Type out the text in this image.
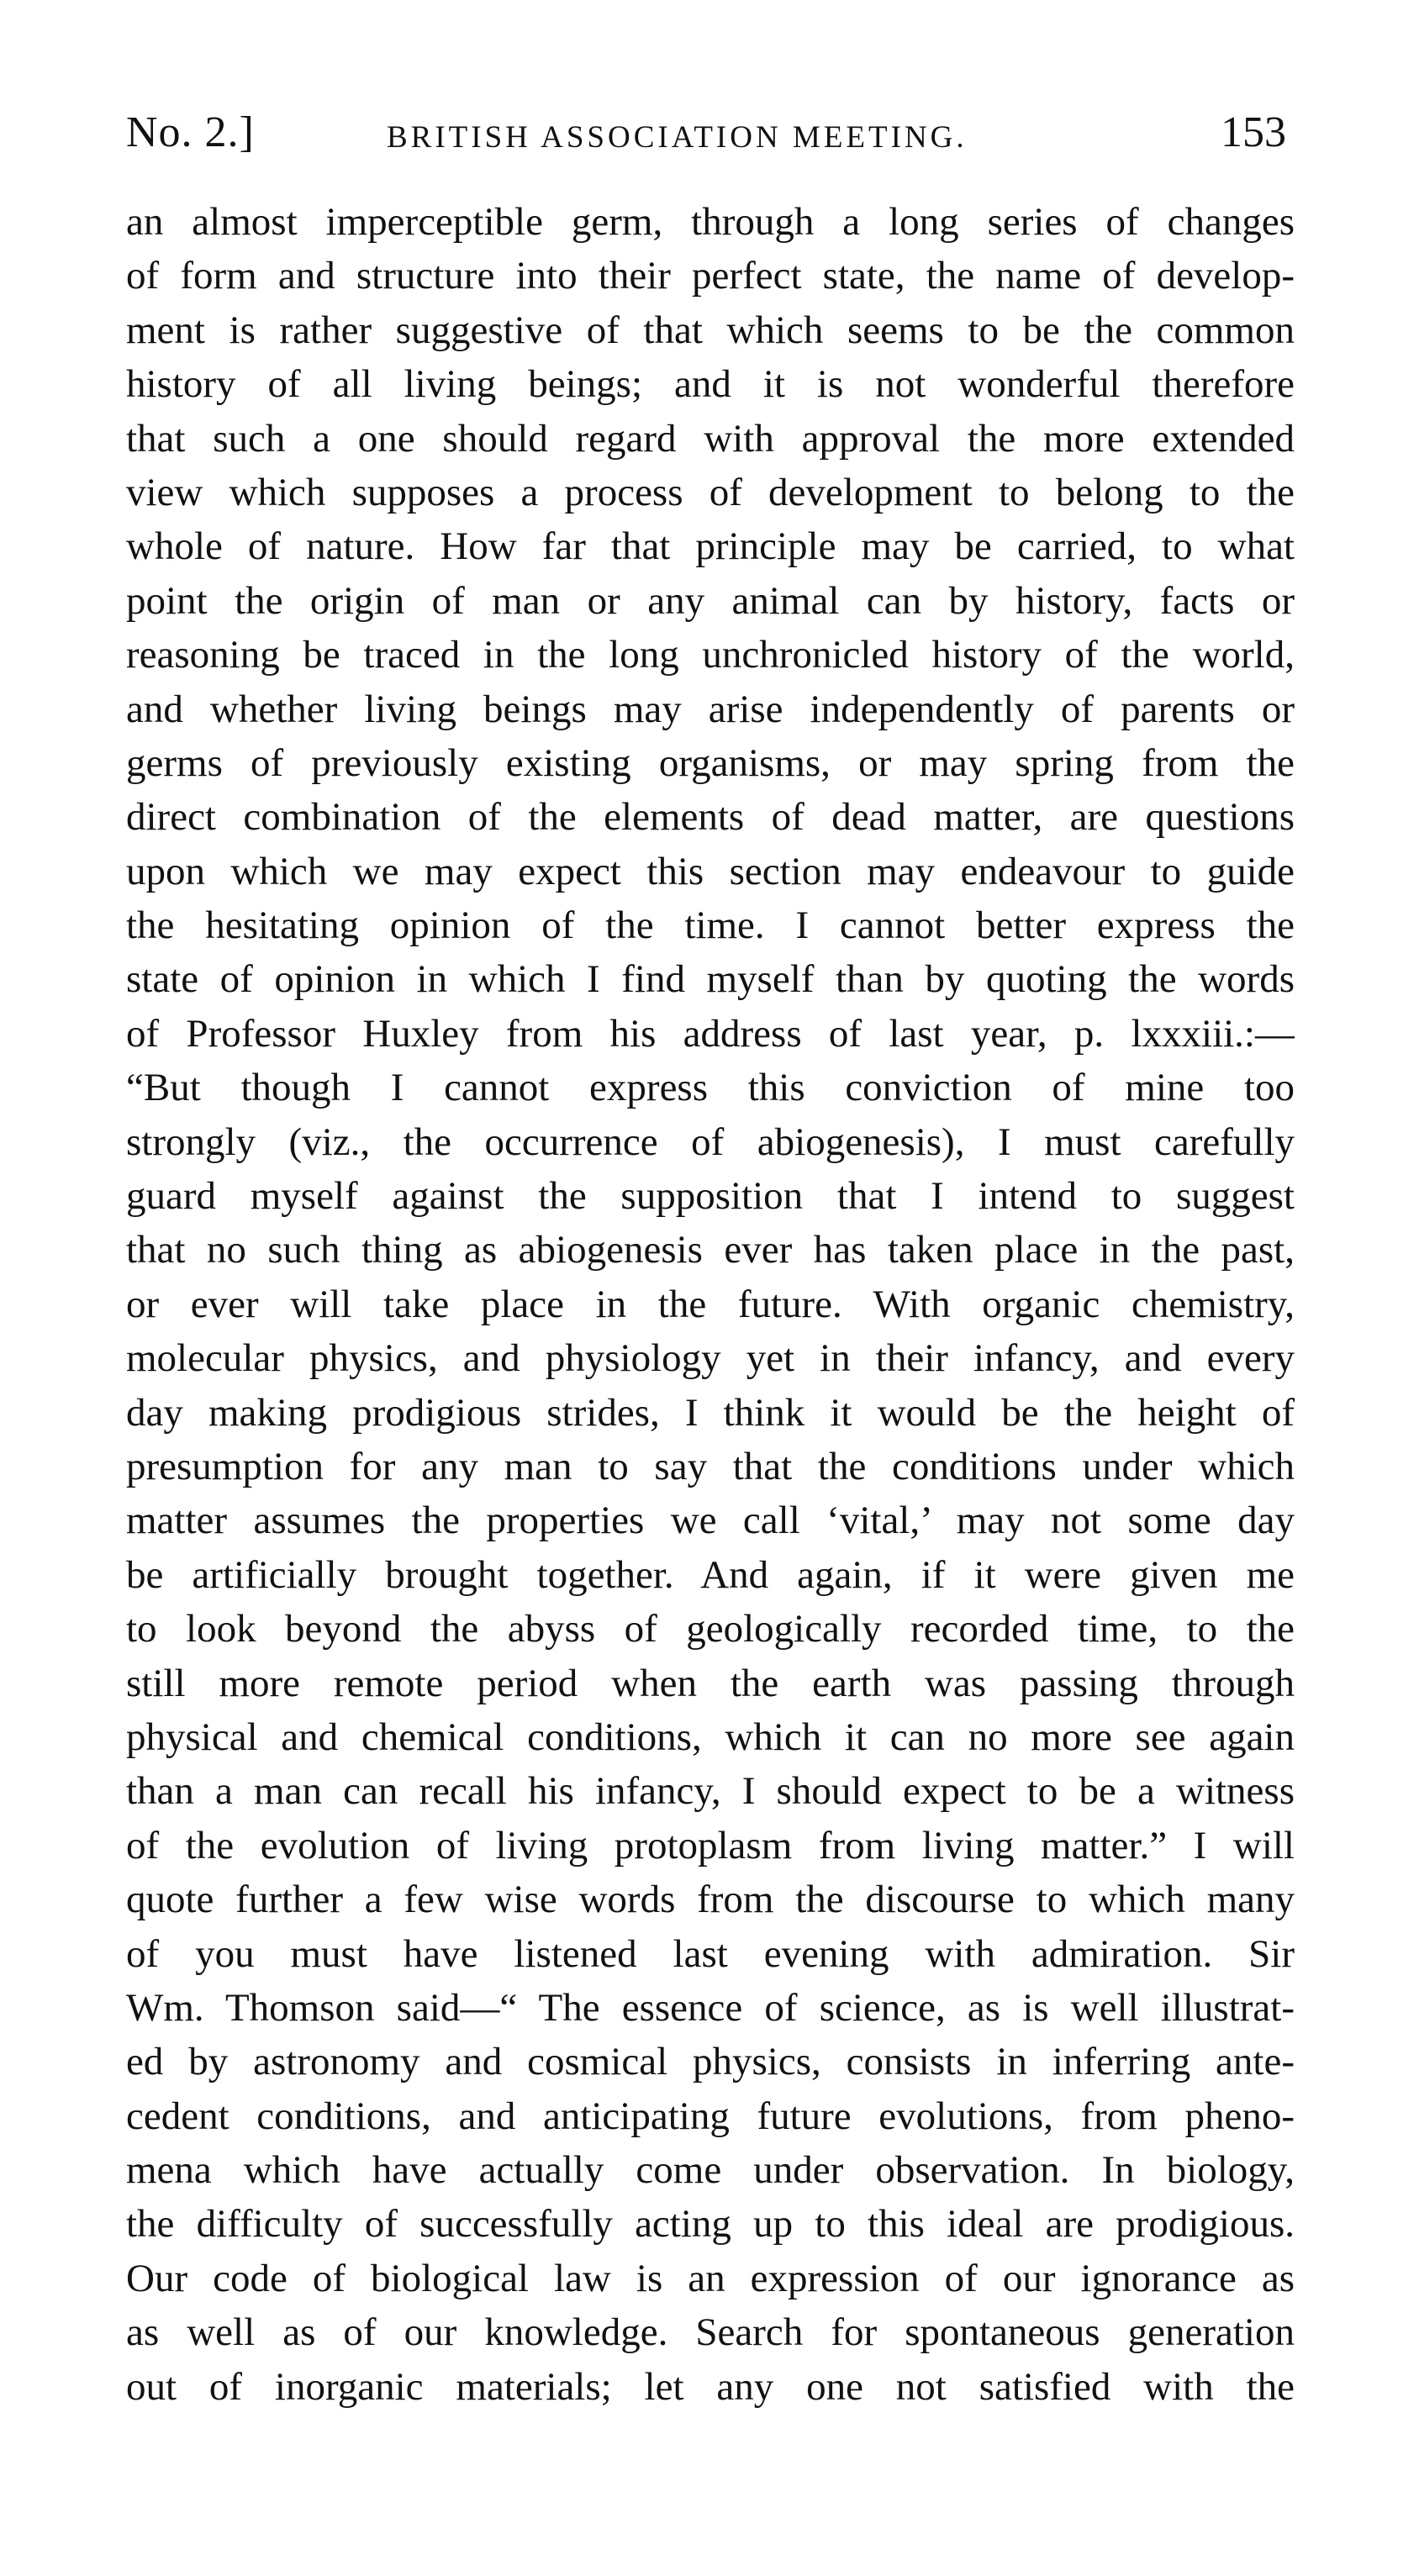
No. 2.]	BRITISH ASSOCIATION MEETING.	153
an almost imperceptible germ, through a long series of changes
of form and structure into their perfect state, the name of develop-
ment is rather suggestive of that which seems to be the common
history of all living beings; and it is not wonderful therefore
that such a one should regard with approval the more extended
view which supposes a process of development to belong to the
whole of nature. How far that principle may be carried, to what
point the origin of man or any animal can by history, facts or
reasoning be traced in the long unchronicled history of the world,
and whether living beings may arise independently of parents or
germs of previously existing organisms, or may spring from the
direct combination of the elements of dead matter, are questions
upon which we may expect this section may endeavour to guide
the hesitating opinion of the time. I cannot better express the
state of opinion in which I find myself than by quoting the words
of Professor Huxley from his address of last year, p. lxxxiii.:—
“But though I cannot express this conviction of mine too
strongly (viz., the occurrence of abiogenesis), I must carefully
guard myself against the supposition that I intend to suggest
that no such thing as abiogenesis ever has taken place in the past,
or ever will take place in the future. With organic chemistry,
molecular physics, and physiology yet in their infancy, and every
day making prodigious strides, I think it would be the height of
presumption for any man to say that the conditions under which
matter assumes the properties we call ‘vital,’ may not some day
be artificially brought together. And again, if it were given me
to look beyond the abyss of geologically recorded time, to the
still more remote period when the earth was passing through
physical and chemical conditions, which it can no more see again
than a man can recall his infancy, I should expect to be a witness
of the evolution of living protoplasm from living matter.” I will
quote further a few wise words from the discourse to which many
of you must have listened last evening with admiration. Sir
Wm. Thomson said—“ The essence of science, as is well illustrat-
ed by astronomy and cosmical physics, consists in inferring ante-
cedent conditions, and anticipating future evolutions, from pheno-
mena which have actually come under observation. In biology,
the difficulty of successfully acting up to this ideal are prodigious.
Our code of biological law is an expression of our ignorance as
as well as of our knowledge. Search for spontaneous generation
out of inorganic materials; let any one not satisfied with the
